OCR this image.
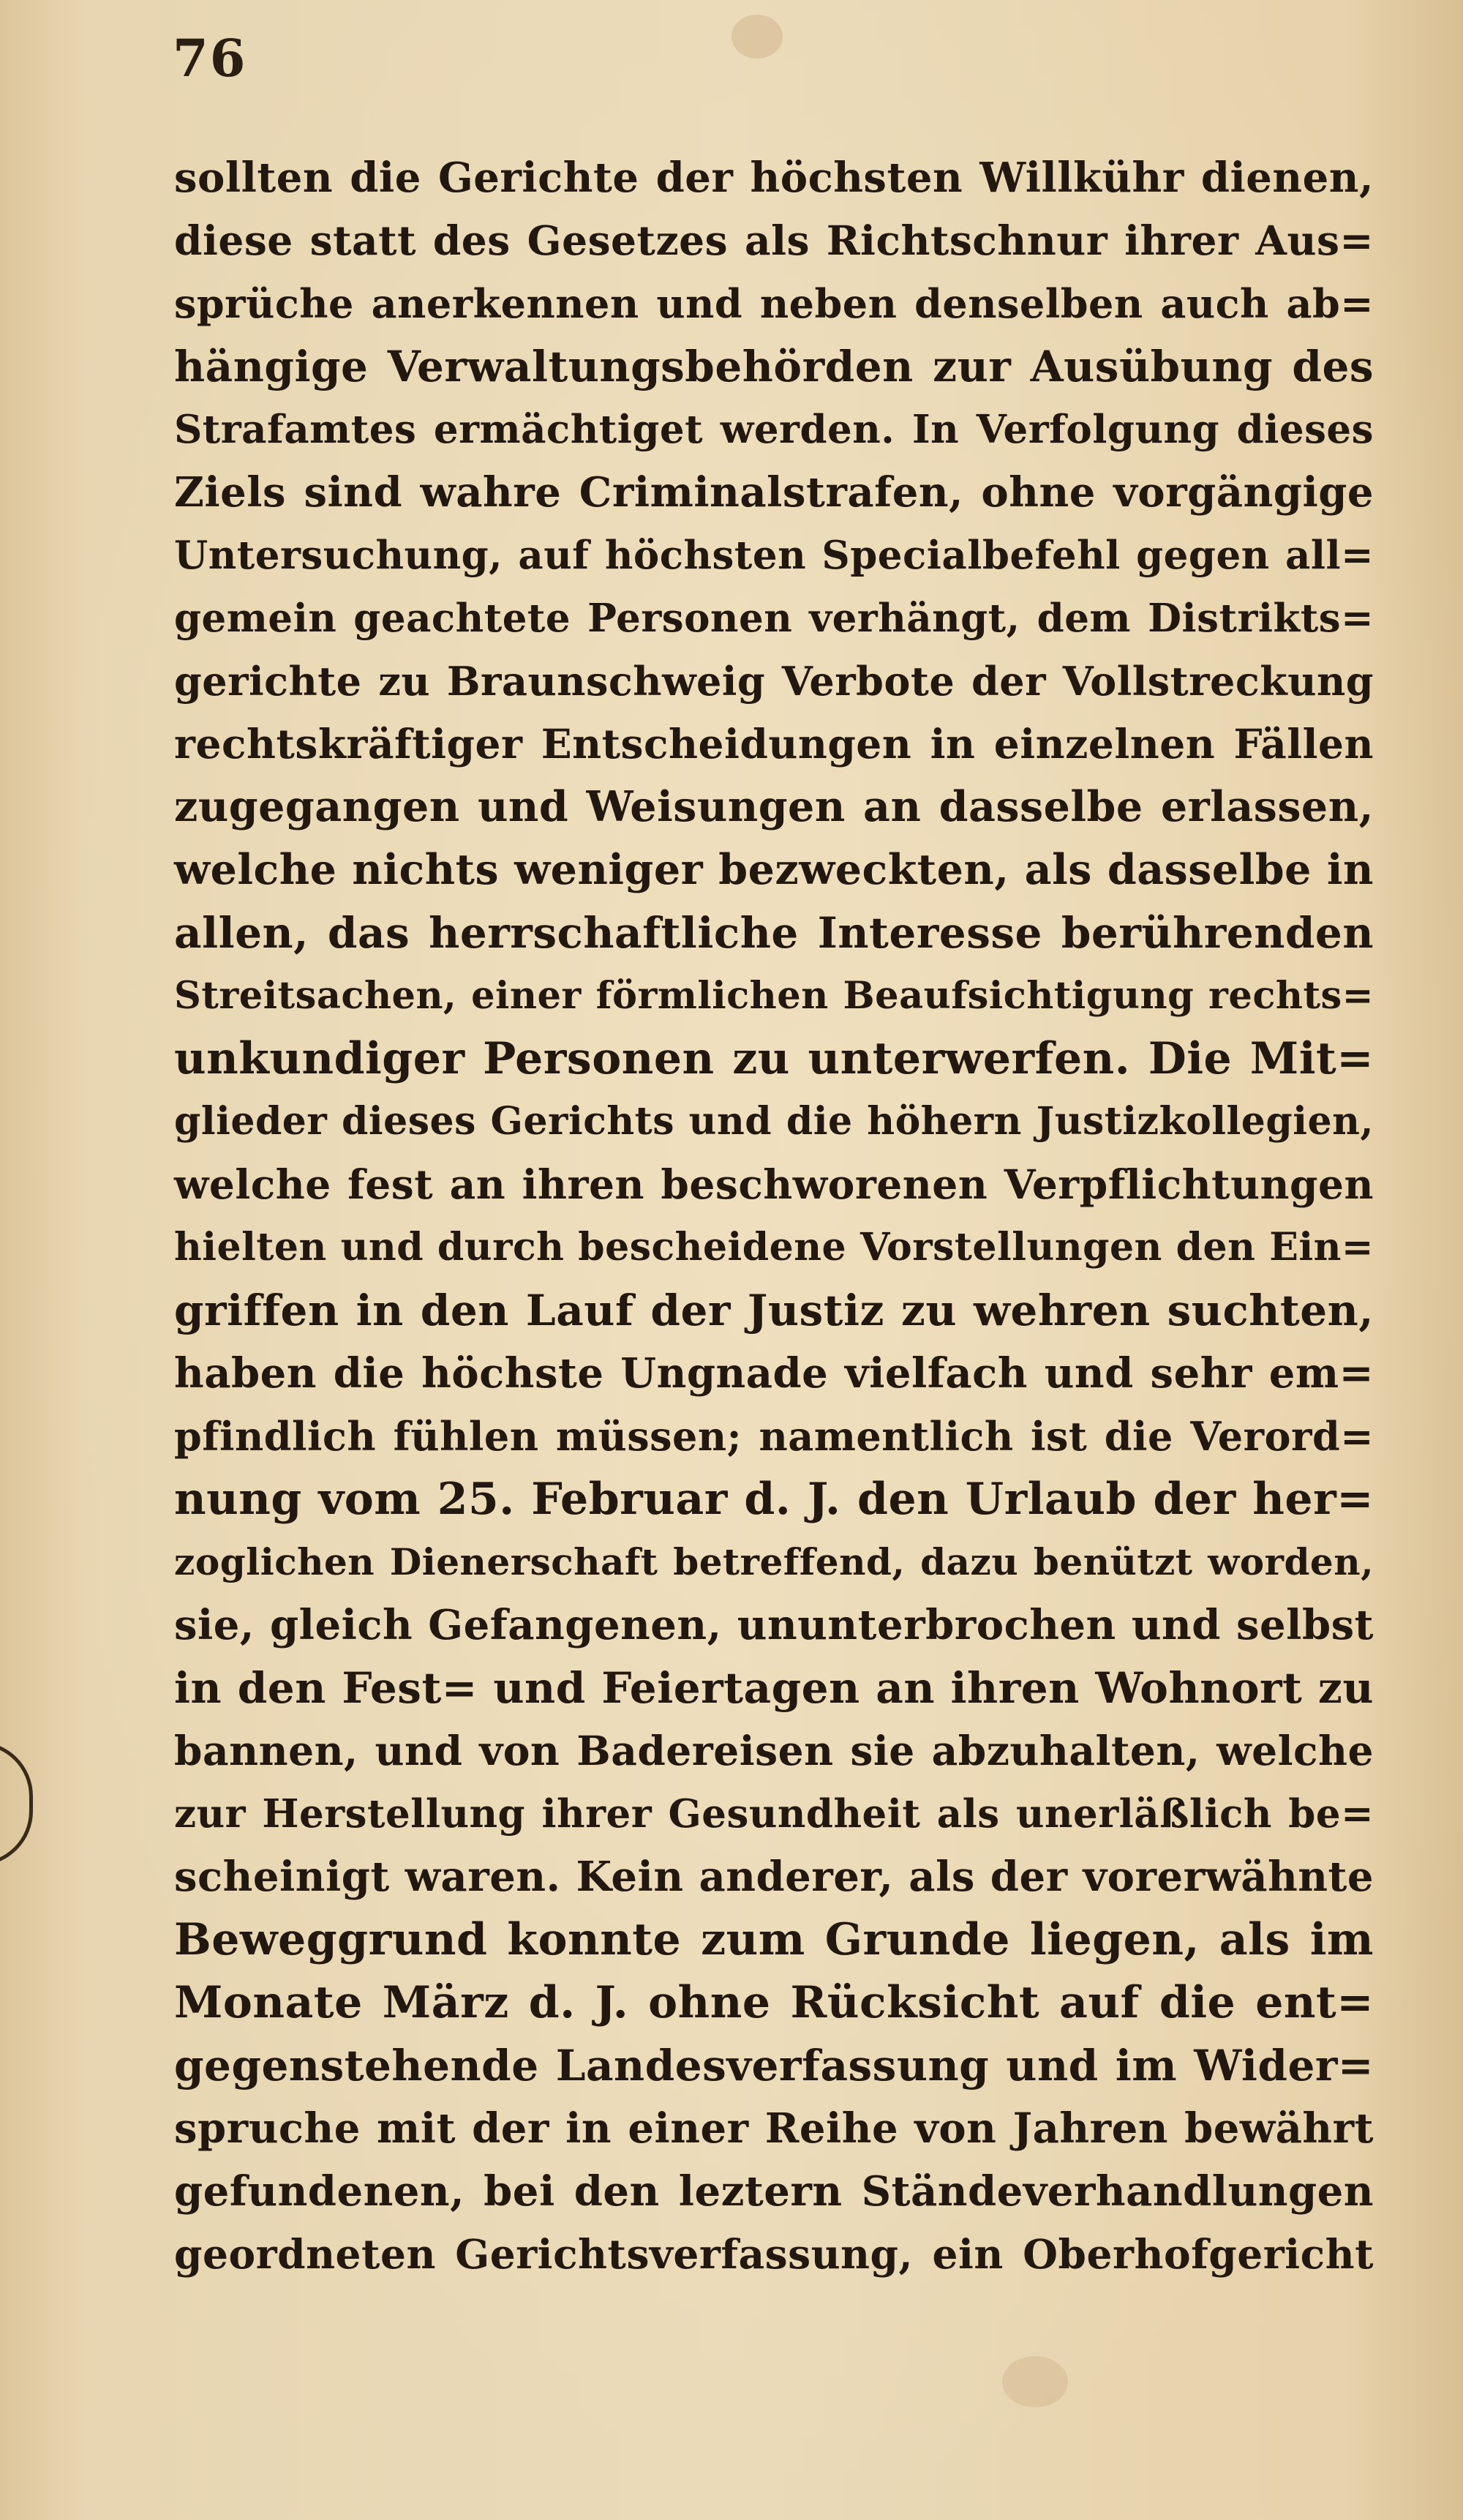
76
sollten die Gerichte der höchsten Willkühr dienen,
diese statt des Gesetzes als Richtschnur ihrer Aus=
sprüche anerkennen und neben denselben auch ab=
hängige Verwaltungsbehörden zur Ausübung des
Strafamtes ermächtiget werden. In Verfolgung dieses
Ziels sind wahre Criminalstrafen, ohne vorgängige
Untersuchung, auf höchsten Specialbefehl gegen all=
gemein geachtete Personen verhängt, dem Distrikts=
gerichte zu Braunschweig Verbote der Vollstreckung
rechtskräftiger Entscheidungen in einzelnen Fällen
zugegangen und Weisungen an dasselbe erlassen,
welche nichts weniger bezweckten, als dasselbe in
allen, das herrschaftliche Interesse berührenden
Streitsachen, einer förmlichen Beaufsichtigung rechts=
unkundiger Personen zu unterwerfen. Die Mit=
glieder dieses Gerichts und die höhern Justizkollegien,
welche fest an ihren beschworenen Verpflichtungen
hielten und durch bescheidene Vorstellungen den Ein=
griffen in den Lauf der Justiz zu wehren suchten,
haben die höchste Ungnade vielfach und sehr em=
pfindlich fühlen müssen; namentlich ist die Verord=
nung vom 25. Februar d. J. den Urlaub der her=
zoglichen Dienerschaft betreffend, dazu benützt worden,
sie, gleich Gefangenen, ununterbrochen und selbst
in den Fest= und Feiertagen an ihren Wohnort zu
bannen, und von Badereisen sie abzuhalten, welche
zur Herstellung ihrer Gesundheit als unerläßlich be=
scheinigt waren. Kein anderer, als der vorerwähnte
Beweggrund konnte zum Grunde liegen, als im
Monate März d. J. ohne Rücksicht auf die ent=
gegenstehende Landesverfassung und im Wider=
spruche mit der in einer Reihe von Jahren bewährt
gefundenen, bei den leztern Ständeverhandlungen
geordneten Gerichtsverfassung, ein Oberhofgericht
